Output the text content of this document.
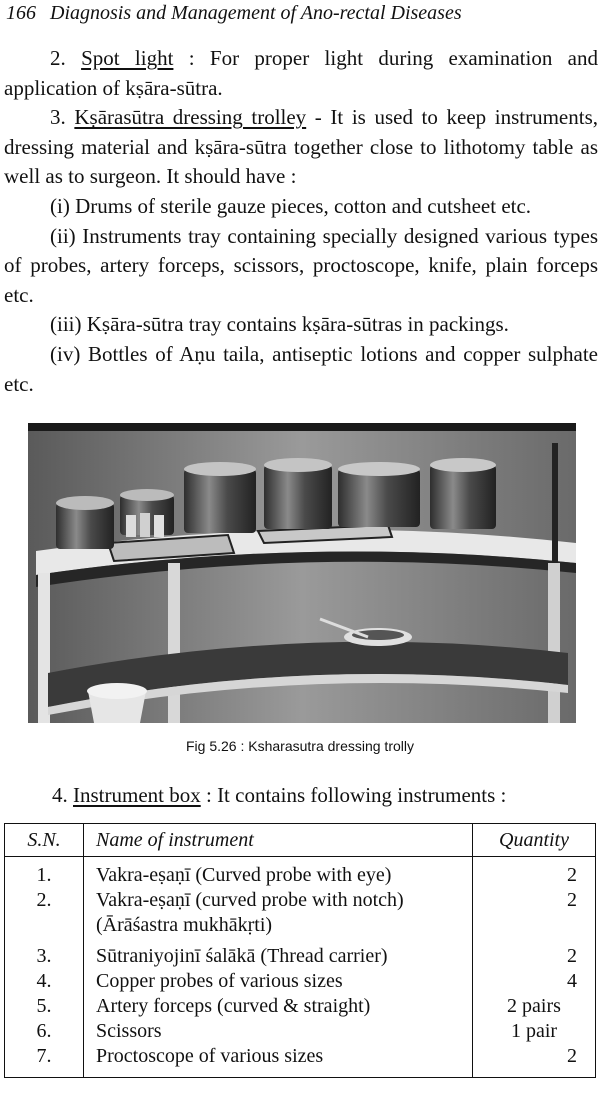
166 Diagnosis and Management of Ano-rectal Diseases

2. Spot light : For proper light during examination and application of kṣāra-sūtra.

3. Kṣārasūtra dressing trolley - It is used to keep instruments, dressing material and kṣāra-sūtra together close to lithotomy table as well as to surgeon. It should have :

(i) Drums of sterile gauze pieces, cotton and cutsheet etc.

(ii) Instruments tray containing specially designed various types of probes, artery forceps, scissors, proctoscope, knife, plain forceps etc.

(iii) Kṣāra-sūtra tray contains kṣāra-sūtras in packings.

(iv) Bottles of Aṇu taila, antiseptic lotions and copper sulphate etc.

Fig 5.26 : Ksharasutra dressing trolly
4. Instrument box : It contains following instruments :
S.N.	Name of instrument	Quantity
1.	Vakra-eṣaṇī (Curved probe with eye)	2
2.	Vakra-eṣaṇī (curved probe with notch)
(Ārāśastra mukhākṛti)	2
3.	Sūtraniyojinī śalākā (Thread carrier)	2
4.	Copper probes of various sizes	4
5.	Artery forceps (curved & straight)	2 pairs
6.	Scissors	1 pair
7.	Proctoscope of various sizes	2
